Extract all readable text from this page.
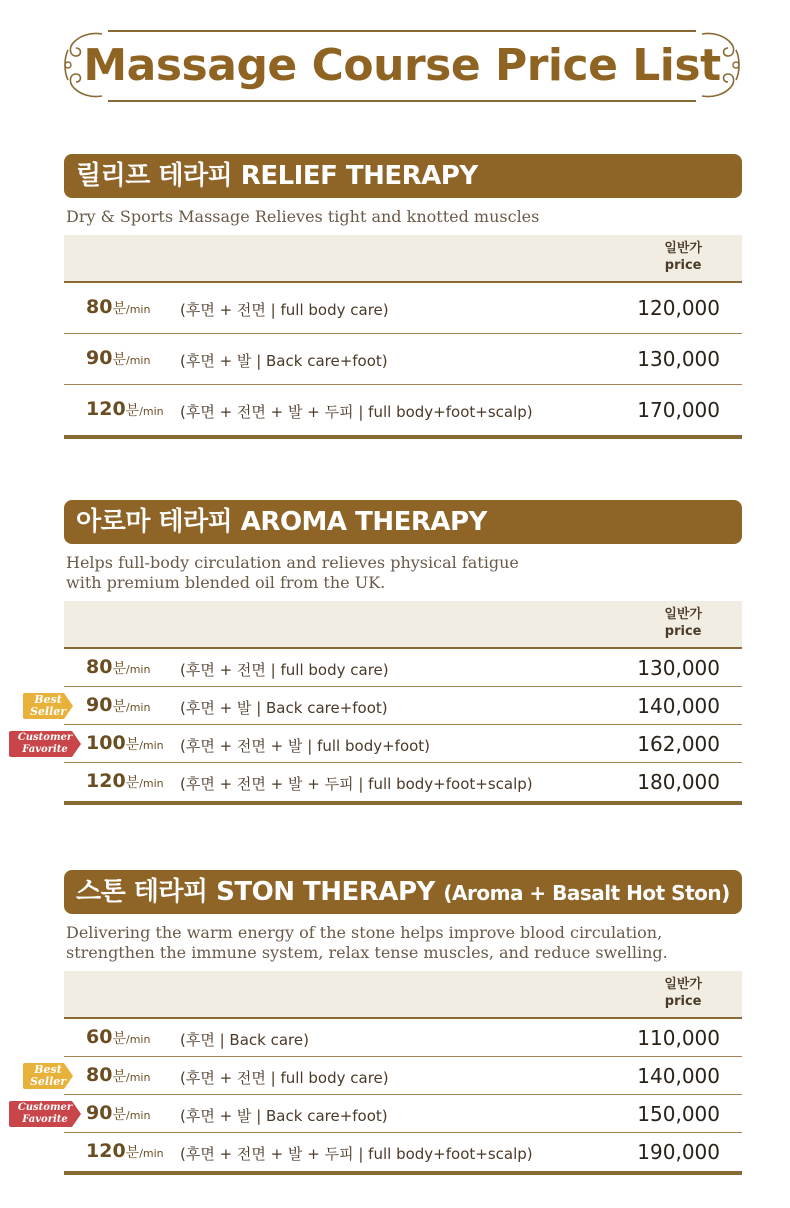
Massage Course Price List
릴리프 테라피 RELIEF THERAPY
Dry & Sports Massage Relieves tight and knotted muscles
일반가
price
80분/min (후면 + 전면 | full body care)	120,000
90분/min (후면 + 발 | Back care+foot)	130,000
120분/min (후면 + 전면 + 발 + 두피 | full body+foot+scalp)	170,000
아로마 테라피 AROMA THERAPY
Helps full-body circulation and relieves physical fatigue
with premium blended oil from the UK.
일반가
price
80분/min (후면 + 전면 | full body care)	130,000
Best
Seller	90분/min (후면 + 발 | Back care+foot)	140,000
Customer
Favorite 100분/min (후면 + 전면 + 발 | full body+foot)	162,000
120분/min (후면 + 전면 + 발 + 두피 | full body+foot+scalp)	180,000
스톤 테라피 STON THERAPY (Aroma + Basalt Hot Ston)
Delivering the warm energy of the stone helps improve blood circulation,
strengthen the immune system, relax tense muscles, and reduce swelling.
일반가
price
60분/min (후면 | Back care)	110,000
Best
Seller	80분/min (후면 + 전면 | full body care)	140,000
Customer
Favorite 90분/min (후면 + 발 | Back care+foot)	150,000
120분/min (후면 + 전면 + 발 + 두피 | full body+foot+scalp)	190,000
